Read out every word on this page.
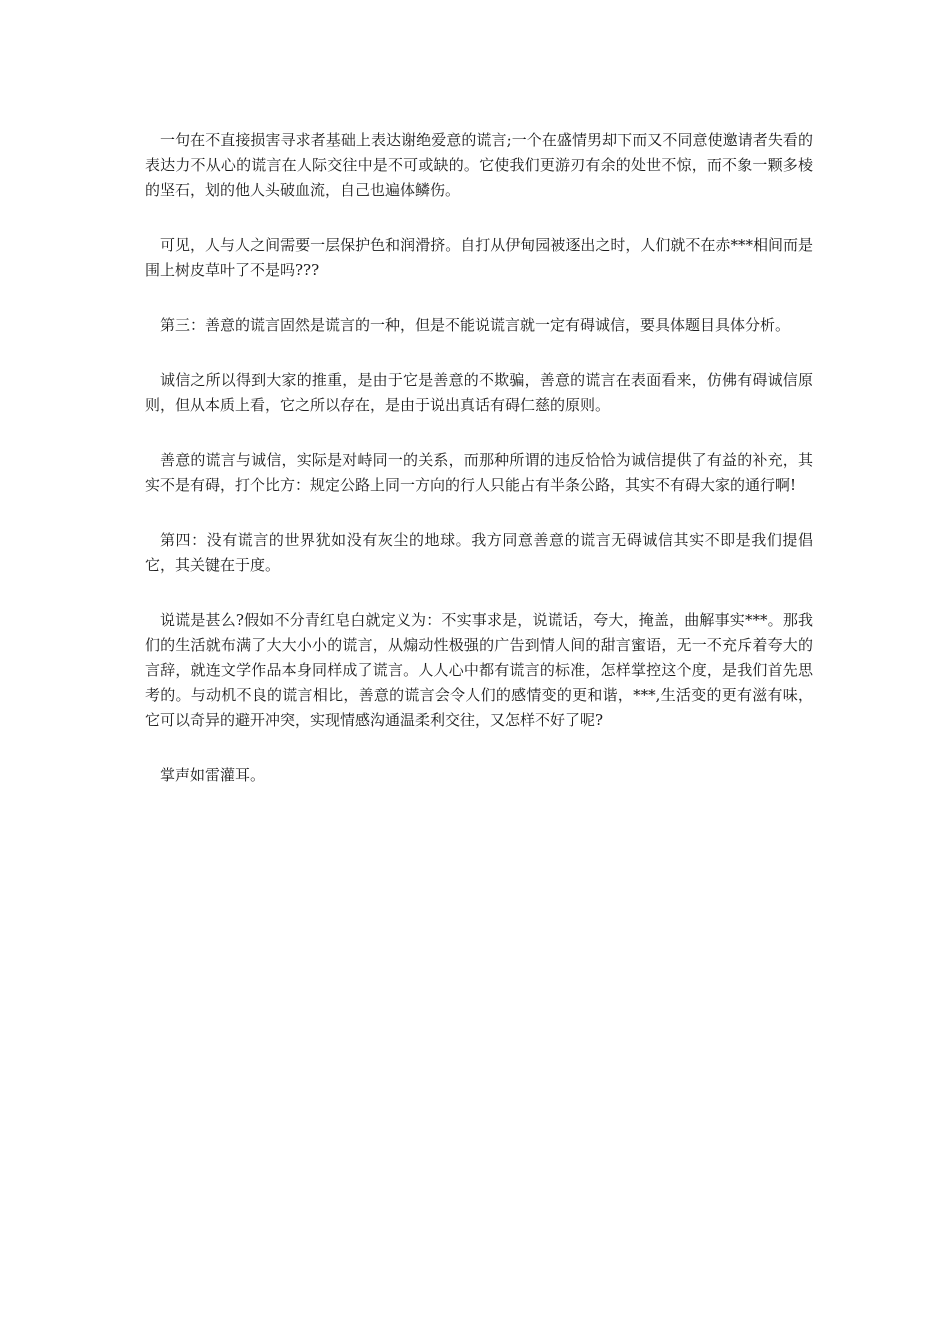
一句在不直接损害寻求者基础上表达谢绝爱意的谎言;一个在盛情男却下而又不同意使邀请者失看的表达力不从心的谎言在人际交往中是不可或缺的。它使我们更游刃有余的处世不惊，而不象一颗多棱的坚石，划的他人头破血流，自己也遍体鳞伤。

可见，人与人之间需要一层保护色和润滑挤。自打从伊甸园被逐出之时，人们就不在赤***相间而是围上树皮草叶了不是吗???

第三：善意的谎言固然是谎言的一种，但是不能说谎言就一定有碍诚信，要具体题目具体分析。

诚信之所以得到大家的推重，是由于它是善意的不欺骗，善意的谎言在表面看来，仿佛有碍诚信原则，但从本质上看，它之所以存在，是由于说出真话有碍仁慈的原则。

善意的谎言与诚信，实际是对峙同一的关系，而那种所谓的违反恰恰为诚信提供了有益的补充，其实不是有碍，打个比方：规定公路上同一方向的行人只能占有半条公路，其实不有碍大家的通行啊!

第四：没有谎言的世界犹如没有灰尘的地球。我方同意善意的谎言无碍诚信其实不即是我们提倡它，其关键在于度。

说谎是甚么?假如不分青红皂白就定义为：不实事求是，说谎话，夸大，掩盖，曲解事实***。那我们的生活就布满了大大小小的谎言，从煽动性极强的广告到情人间的甜言蜜语，无一不充斥着夸大的言辞，就连文学作品本身同样成了谎言。人人心中都有谎言的标准，怎样掌控这个度，是我们首先思考的。与动机不良的谎言相比，善意的谎言会令人们的感情变的更和谐，***,生活变的更有滋有味，它可以奇异的避开冲突，实现情感沟通温柔利交往，又怎样不好了呢?

掌声如雷灌耳。
